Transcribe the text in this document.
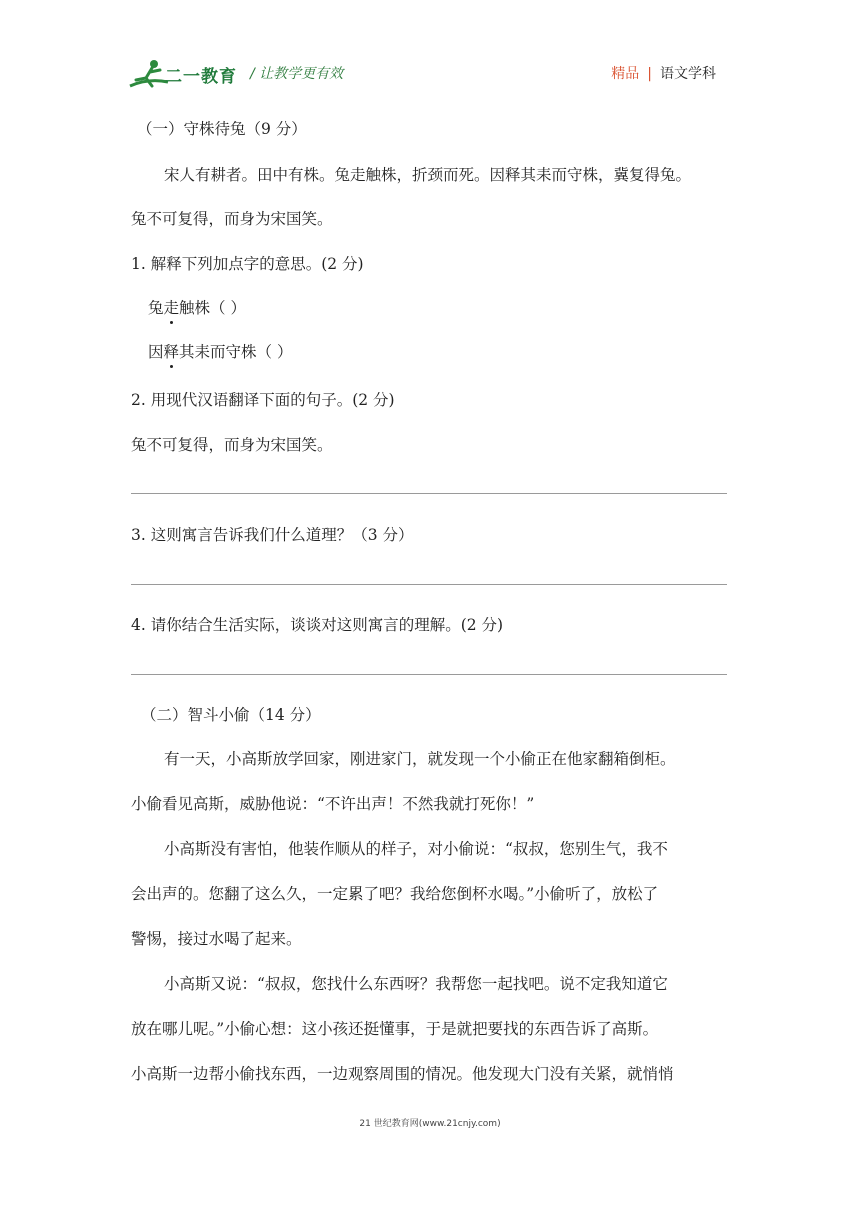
二一教育 / 让教学更有效	精品 | 语文学科
（一）守株待兔（9 分）
宋人有耕者。田中有株。兔走触株，折颈而死。因释其耒而守株，冀复得兔。
兔不可复得，而身为宋国笑。
1. 解释下列加点字的意思。(2 分)
兔走触株（ ）
因释其耒而守株（ ）
2. 用现代汉语翻译下面的句子。(2 分)
兔不可复得，而身为宋国笑。
3. 这则寓言告诉我们什么道理？（3 分）
4. 请你结合生活实际，谈谈对这则寓言的理解。(2 分)
（二）智斗小偷（14 分）
有一天，小高斯放学回家，刚进家门，就发现一个小偷正在他家翻箱倒柜。
小偷看见高斯，威胁他说：“不许出声！不然我就打死你！”
小高斯没有害怕，他装作顺从的样子，对小偷说：“叔叔，您别生气，我不
会出声的。您翻了这么久，一定累了吧？我给您倒杯水喝。”小偷听了，放松了
警惕，接过水喝了起来。
小高斯又说：“叔叔，您找什么东西呀？我帮您一起找吧。说不定我知道它
放在哪儿呢。”小偷心想：这小孩还挺懂事，于是就把要找的东西告诉了高斯。
小高斯一边帮小偷找东西，一边观察周围的情况。他发现大门没有关紧，就悄悄
21 世纪教育网(www.21cnjy.com)
